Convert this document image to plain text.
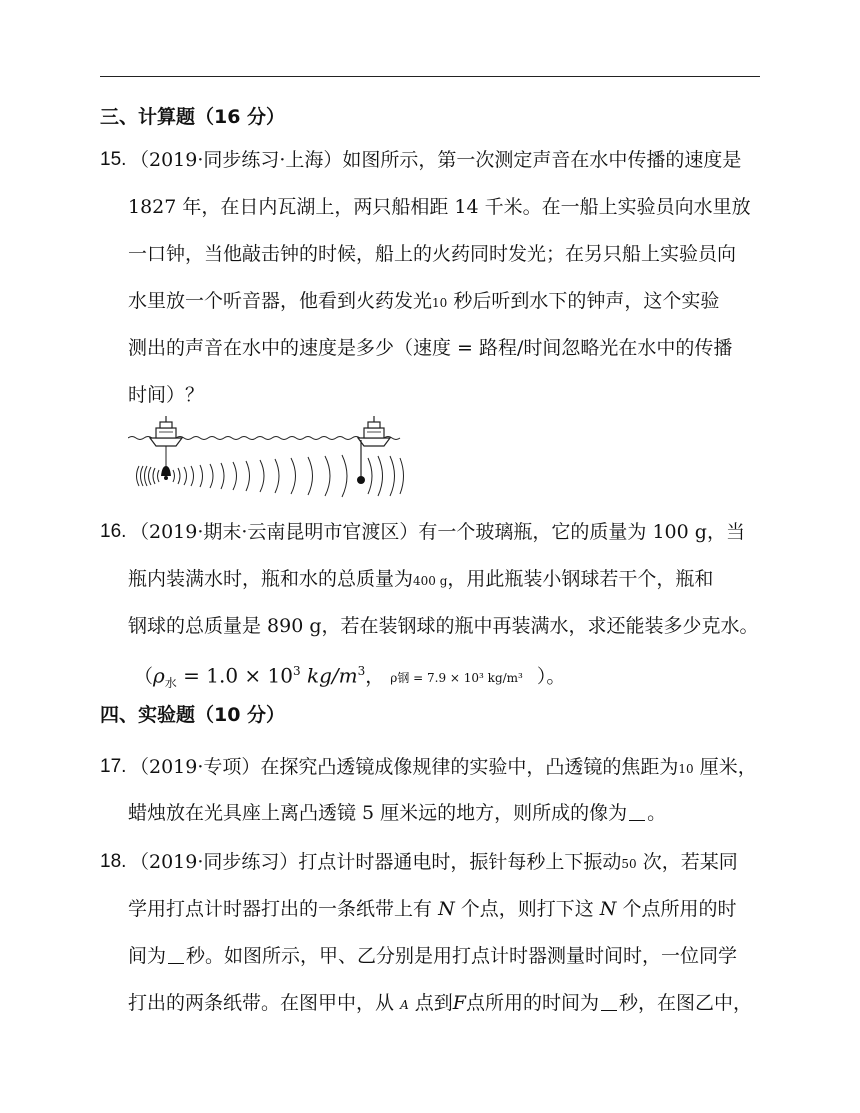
三、计算题（16 分）
15. （2019·同步练习·上海）如图所示，第一次测定声音在水中传播的速度是
1827 年，在日内瓦湖上，两只船相距 14 千米。在一船上实验员向水里放
一口钟，当他敲击钟的时候，船上的火药同时发光；在另只船上实验员向
水里放一个听音器，他看到火药发光10 秒后听到水下的钟声，这个实验
测出的声音在水中的速度是多少（速度 = 路程/时间忽略光在水中的传播
时间）？
16. （2019·期末·云南昆明市官渡区）有一个玻璃瓶，它的质量为 100 g，当
瓶内装满水时，瓶和水的总质量为400 g，用此瓶装小钢球若干个，瓶和
钢球的总质量是 890 g，若在装钢球的瓶中再装满水，求还能装多少克水。
（$\rho_水 = 1.0 \times 10^3$ $kg/m^3$， ρ钢 = 7.9 × 10³ kg/m³ ）。
四、实验题（10 分）
17. （2019·专项）在探究凸透镜成像规律的实验中，凸透镜的焦距为10 厘米，
蜡烛放在光具座上离凸透镜 5 厘米远的地方，则所成的像为 。
18. （2019·同步练习）打点计时器通电时，振针每秒上下振动50 次，若某同
学用打点计时器打出的一条纸带上有 N 个点，则打下这 N 个点所用的时
间为 秒。如图所示，甲、乙分别是用打点计时器测量时间时，一位同学
打出的两条纸带。在图甲中，从 A 点到F点所用的时间为 秒，在图乙中，
